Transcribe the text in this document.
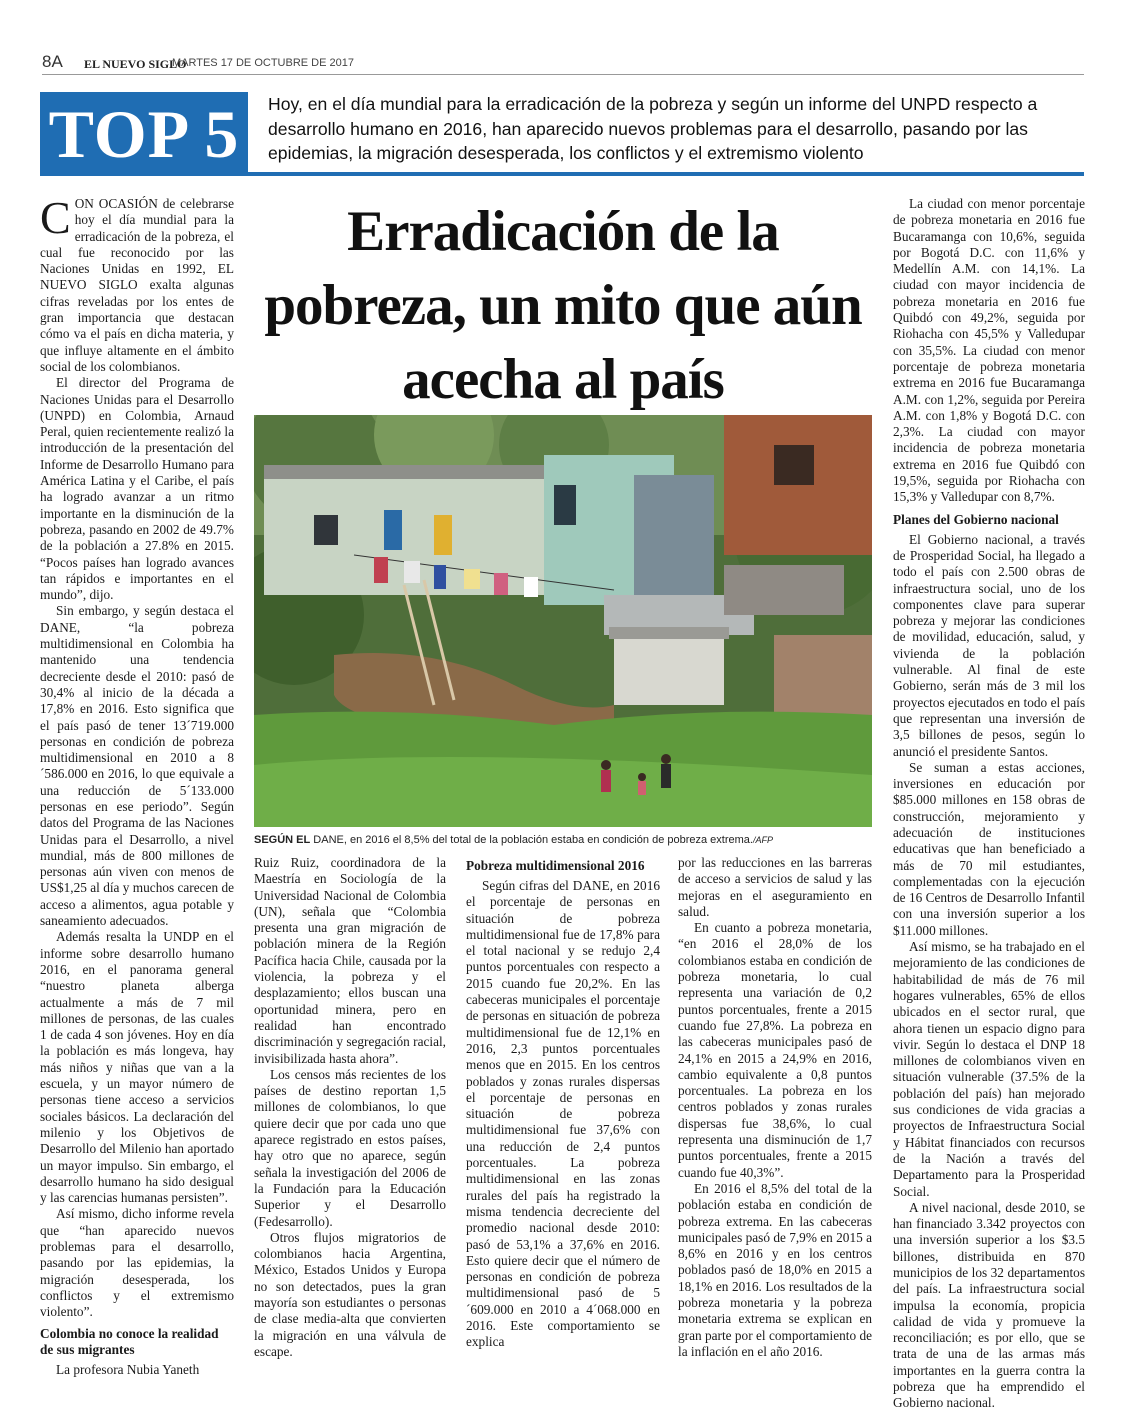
8A EL NUEVO SIGLO
MARTES 17 DE OCTUBRE DE 2017
TOP 5	Hoy, en el día mundial para la erradicación de la pobreza y según un informe del UNPD respecto a desarrollo humano en 2016, han aparecido nuevos problemas para el desarrollo, pasando por las epidemias, la migración desesperada, los conflictos y el extremismo violento

CON OCASIÓN de celebrarse hoy el día mundial para la erradicación de la pobreza, el cual fue reconocido por las Naciones Unidas en 1992, EL NUEVO SIGLO exalta algunas cifras reveladas por los entes de gran importancia que destacan cómo va el país en dicha materia, y que influye altamente en el ámbito social de los colombianos.

El director del Programa de Naciones Unidas para el Desarrollo (UNPD) en Colombia, Arnaud Peral, quien recientemente realizó la introducción de la presentación del Informe de Desarrollo Humano para América Latina y el Caribe, el país ha logrado avanzar a un ritmo importante en la disminución de la pobreza, pasando en 2002 de 49.7% de la población a 27.8% en 2015. “Pocos países han logrado avances tan rápidos e importantes en el mundo”, dijo.

Sin embargo, y según destaca el DANE, “la pobreza multidimensional en Colombia ha mantenido una tendencia decreciente desde el 2010: pasó de 30,4% al inicio de la década a 17,8% en 2016. Esto significa que el país pasó de tener 13´719.000 personas en condición de pobreza multidimensional en 2010 a 8´586.000 en 2016, lo que equivale a una reducción de 5´133.000 personas en ese periodo”. Según datos del Programa de las Naciones Unidas para el Desarrollo, a nivel mundial, más de 800 millones de personas aún viven con menos de US$1,25 al día y muchos carecen de acceso a alimentos, agua potable y saneamiento adecuados.

Además resalta la UNDP en el informe sobre desarrollo humano 2016, en el panorama general “nuestro planeta alberga actualmente a más de 7 mil millones de personas, de las cuales 1 de cada 4 son jóvenes. Hoy en día la población es más longeva, hay más niños y niñas que van a la escuela, y un mayor número de personas tiene acceso a servicios sociales básicos. La declaración del milenio y los Objetivos de Desarrollo del Milenio han aportado un mayor impulso. Sin embargo, el desarrollo humano ha sido desigual y las carencias humanas persisten”.

Así mismo, dicho informe revela que “han aparecido nuevos problemas para el desarrollo, pasando por las epidemias, la migración desesperada, los conflictos y el extremismo violento”.

Colombia no conoce la realidad de sus migrantes

La profesora Nubia Yaneth

Erradicación de la
pobreza, un mito que aún
acecha al país
SEGÚN EL DANE, en 2016 el 8,5% del total de la población estaba en condición de pobreza extrema./AFP

Ruiz Ruiz, coordinadora de la Maestría en Sociología de la Universidad Nacional de Colombia (UN), señala que “Colombia presenta una gran migración de población minera de la Región Pacífica hacia Chile, causada por la violencia, la pobreza y el desplazamiento; ellos buscan una oportunidad minera, pero en realidad han encontrado discriminación y segregación racial, invisibilizada hasta ahora”.

Los censos más recientes de los países de destino reportan 1,5 millones de colombianos, lo que quiere decir que por cada uno que aparece registrado en estos países, hay otro que no aparece, según señala la investigación del 2006 de la Fundación para la Educación Superior y el Desarrollo (Fedesarrollo).

Otros flujos migratorios de colombianos hacia Argentina, México, Estados Unidos y Europa no son detectados, pues la gran mayoría son estudiantes o personas de clase media-alta que convierten la migración en una válvula de escape.

Pobreza multidimensional 2016

Según cifras del DANE, en 2016 el porcentaje de personas en situación de pobreza multidimensional fue de 17,8% para el total nacional y se redujo 2,4 puntos porcentuales con respecto a 2015 cuando fue 20,2%. En las cabeceras municipales el porcentaje de personas en situación de pobreza multidimensional fue de 12,1% en 2016, 2,3 puntos porcentuales menos que en 2015. En los centros poblados y zonas rurales dispersas el porcentaje de personas en situación de pobreza multidimensional fue 37,6% con una reducción de 2,4 puntos porcentuales. La pobreza multidimensional en las zonas rurales del país ha registrado la misma tendencia decreciente del promedio nacional desde 2010: pasó de 53,1% a 37,6% en 2016. Esto quiere decir que el número de personas en condición de pobreza multidimensional pasó de 5´609.000 en 2010 a 4´068.000 en 2016. Este comportamiento se explica

por las reducciones en las barreras de acceso a servicios de salud y las mejoras en el aseguramiento en salud.

En cuanto a pobreza monetaria, “en 2016 el 28,0% de los colombianos estaba en condición de pobreza monetaria, lo cual representa una variación de 0,2 puntos porcentuales, frente a 2015 cuando fue 27,8%. La pobreza en las cabeceras municipales pasó de 24,1% en 2015 a 24,9% en 2016, cambio equivalente a 0,8 puntos porcentuales. La pobreza en los centros poblados y zonas rurales dispersas fue 38,6%, lo cual representa una disminución de 1,7 puntos porcentuales, frente a 2015 cuando fue 40,3%”.

En 2016 el 8,5% del total de la población estaba en condición de pobreza extrema. En las cabeceras municipales pasó de 7,9% en 2015 a 8,6% en 2016 y en los centros poblados pasó de 18,0% en 2015 a 18,1% en 2016. Los resultados de la pobreza monetaria y la pobreza monetaria extrema se explican en gran parte por el comportamiento de la inflación en el año 2016.

La ciudad con menor porcentaje de pobreza monetaria en 2016 fue Bucaramanga con 10,6%, seguida por Bogotá D.C. con 11,6% y Medellín A.M. con 14,1%. La ciudad con mayor incidencia de pobreza monetaria en 2016 fue Quibdó con 49,2%, seguida por Riohacha con 45,5% y Valledupar con 35,5%. La ciudad con menor porcentaje de pobreza monetaria extrema en 2016 fue Bucaramanga A.M. con 1,2%, seguida por Pereira A.M. con 1,8% y Bogotá D.C. con 2,3%. La ciudad con mayor incidencia de pobreza monetaria extrema en 2016 fue Quibdó con 19,5%, seguida por Riohacha con 15,3% y Valledupar con 8,7%.

Planes del Gobierno nacional

El Gobierno nacional, a través de Prosperidad Social, ha llegado a todo el país con 2.500 obras de infraestructura social, uno de los componentes clave para superar pobreza y mejorar las condiciones de movilidad, educación, salud, y vivienda de la población vulnerable. Al final de este Gobierno, serán más de 3 mil los proyectos ejecutados en todo el país que representan una inversión de 3,5 billones de pesos, según lo anunció el presidente Santos.

Se suman a estas acciones, inversiones en educación por $85.000 millones en 158 obras de construcción, mejoramiento y adecuación de instituciones educativas que han beneficiado a más de 70 mil estudiantes, complementadas con la ejecución de 16 Centros de Desarrollo Infantil con una inversión superior a los $11.000 millones.

Así mismo, se ha trabajado en el mejoramiento de las condiciones de habitabilidad de más de 76 mil hogares vulnerables, 65% de ellos ubicados en el sector rural, que ahora tienen un espacio digno para vivir. Según lo destaca el DNP 18 millones de colombianos viven en situación vulnerable (37.5% de la población del país) han mejorado sus condiciones de vida gracias a proyectos de Infraestructura Social y Hábitat financiados con recursos de la Nación a través del Departamento para la Prosperidad Social.

A nivel nacional, desde 2010, se han financiado 3.342 proyectos con una inversión superior a los $3.5 billones, distribuida en 870 municipios de los 32 departamentos del país. La infraestructura social impulsa la economía, propicia calidad de vida y promueve la reconciliación; es por ello, que se trata de una de las armas más importantes en la guerra contra la pobreza que ha emprendido el Gobierno nacional.
